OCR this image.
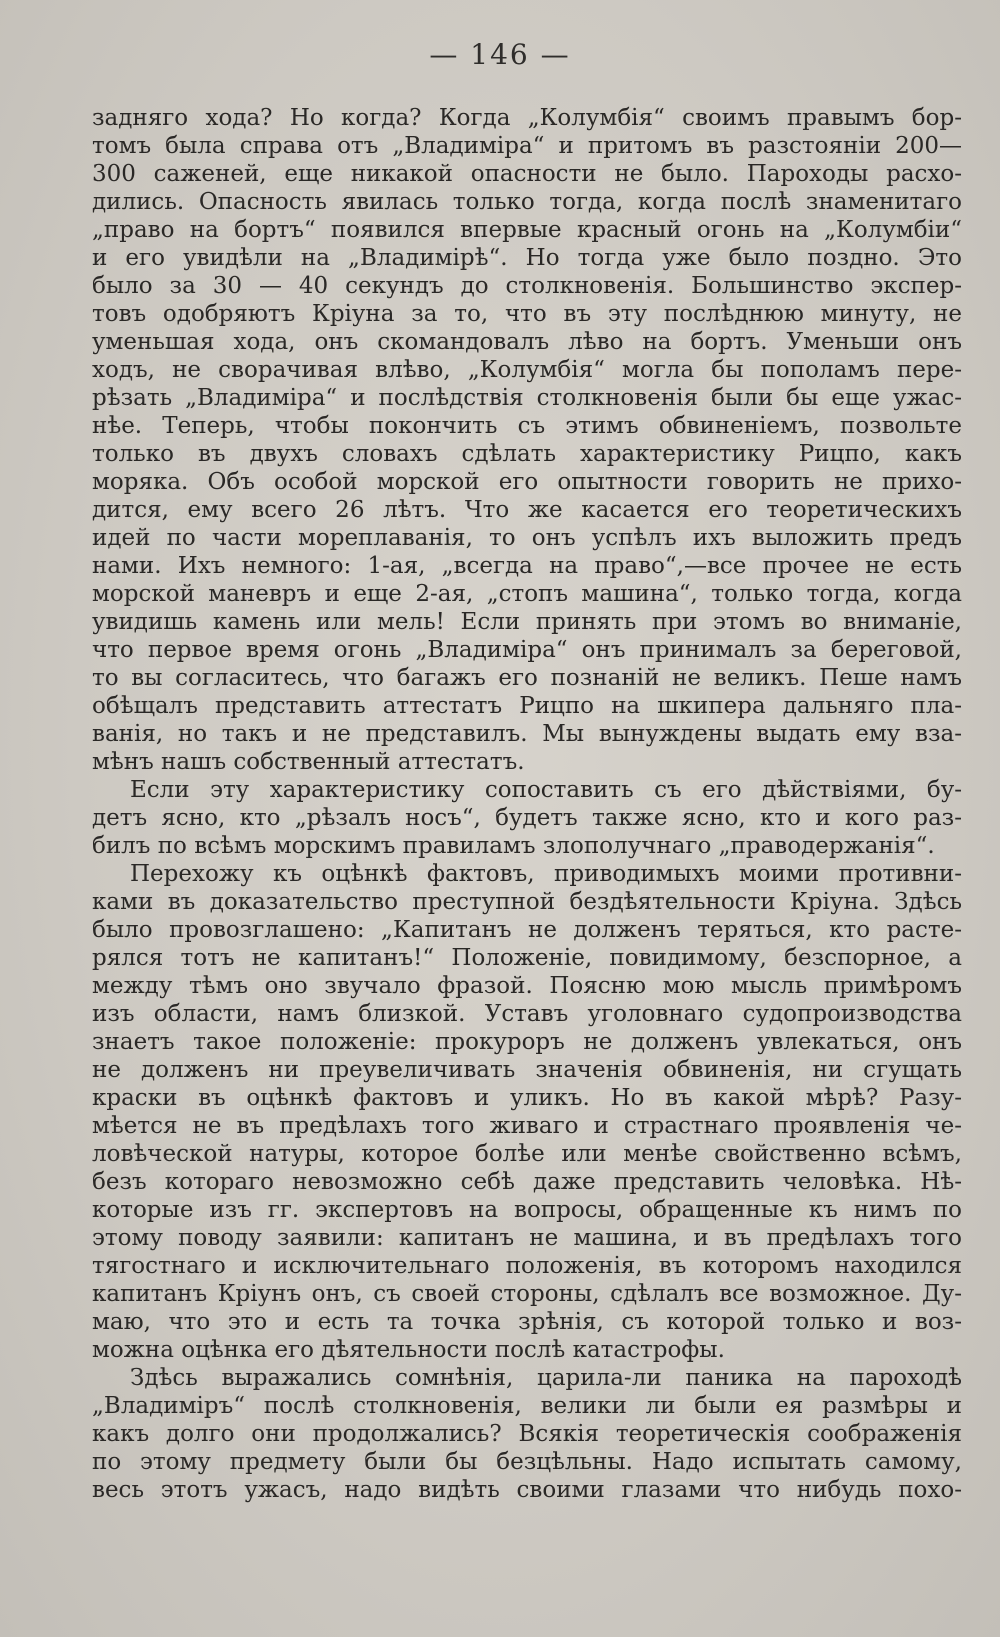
— 146 —
заднягo хода? Но когда? Когда „Колумбія“ своимъ правымъ бор-
томъ была справа отъ „Владиміра“ и притомъ въ разстояніи 200—
300 саженей, еще никакой опасности не было. Пароходы расхо-
дились. Опасность явилась только тогда, когда послѣ знаменитаго
„право на бортъ“ появился впервые красный огонь на „Колумбіи“
и его увидѣли на „Владимірѣ“. Но тогда уже было поздно. Это
было за 30 — 40 секундъ до столкновенія. Большинство экспер-
товъ одобряютъ Кріуна за то, что въ эту послѣднюю минуту, не
уменьшая хода, онъ скомандовалъ лѣво на бортъ. Уменьши онъ
ходъ, не сворачивая влѣво, „Колумбія“ могла бы пополамъ пере-
рѣзать „Владиміра“ и послѣдствія столкновенія были бы еще ужас-
нѣе. Теперь, чтобы покончить съ этимъ обвиненіемъ, позвольте
только въ двухъ словахъ сдѣлать характеристику Рицпо, какъ
моряка. Объ особой морской его опытности говорить не прихо-
дится, ему всего 26 лѣтъ. Что же касается его теоретическихъ
идей по части мореплаванія, то онъ успѣлъ ихъ выложить предъ
нами. Ихъ немного: 1-ая, „всегда на право“,—все прочее не есть
морской маневръ и еще 2-ая, „стопъ машина“, только тогда, когда
увидишь камень или мель! Если принять при этомъ во вниманіе,
что первое время огонь „Владиміра“ онъ принималъ за береговой,
то вы согласитесь, что багажъ его познаній не великъ. Пеше намъ
обѣщалъ представить аттестатъ Рицпо на шкипера дальняго пла-
ванія, но такъ и не представилъ. Мы вынуждены выдать ему вза-
мѣнъ нашъ собственный аттестатъ.
Если эту характеристику сопоставить съ его дѣйствіями, бу-
детъ ясно, кто „рѣзалъ носъ“, будетъ также ясно, кто и кого раз-
билъ по всѣмъ морскимъ правиламъ злополучнаго „праводержанія“.
Перехожу къ оцѣнкѣ фактовъ, приводимыхъ моими противни-
ками въ доказательство преступной бездѣятельности Кріуна. Здѣсь
было провозглашено: „Капитанъ не долженъ теряться, кто расте-
рялся тотъ не капитанъ!“ Положеніе, повидимому, безспорное, а
между тѣмъ оно звучало фразой. Поясню мою мысль примѣромъ
изъ области, намъ близкой. Уставъ уголовнаго судопроизводства
знаетъ такое положеніе: прокуроръ не долженъ увлекаться, онъ
не долженъ ни преувеличивать значенія обвиненія, ни сгущать
краски въ оцѣнкѣ фактовъ и уликъ. Но въ какой мѣрѣ? Разу-
мѣется не въ предѣлахъ того живаго и страстнаго проявленія че-
ловѣческой натуры, которое болѣе или менѣе свойственно всѣмъ,
безъ котораго невозможно себѣ даже представить человѣка. Нѣ-
которые изъ гг. экспертовъ на вопросы, обращенные къ нимъ по
этому поводу заявили: капитанъ не машина, и въ предѣлахъ того
тягостнаго и исключительнаго положенія, въ которомъ находился
капитанъ Кріунъ онъ, съ своей стороны, сдѣлалъ все возможное. Ду-
маю, что это и есть та точка зрѣнія, съ которой только и воз-
можна оцѣнка его дѣятельности послѣ катастрофы.
Здѣсь выражались сомнѣнія, царила-ли паника на пароходѣ
„Владиміръ“ послѣ столкновенія, велики ли были ея размѣры и
какъ долго они продолжались? Всякія теоретическія соображенія
по этому предмету были бы безцѣльны. Надо испытать самому,
весь этотъ ужасъ, надо видѣть своими глазами что нибудь похо-
